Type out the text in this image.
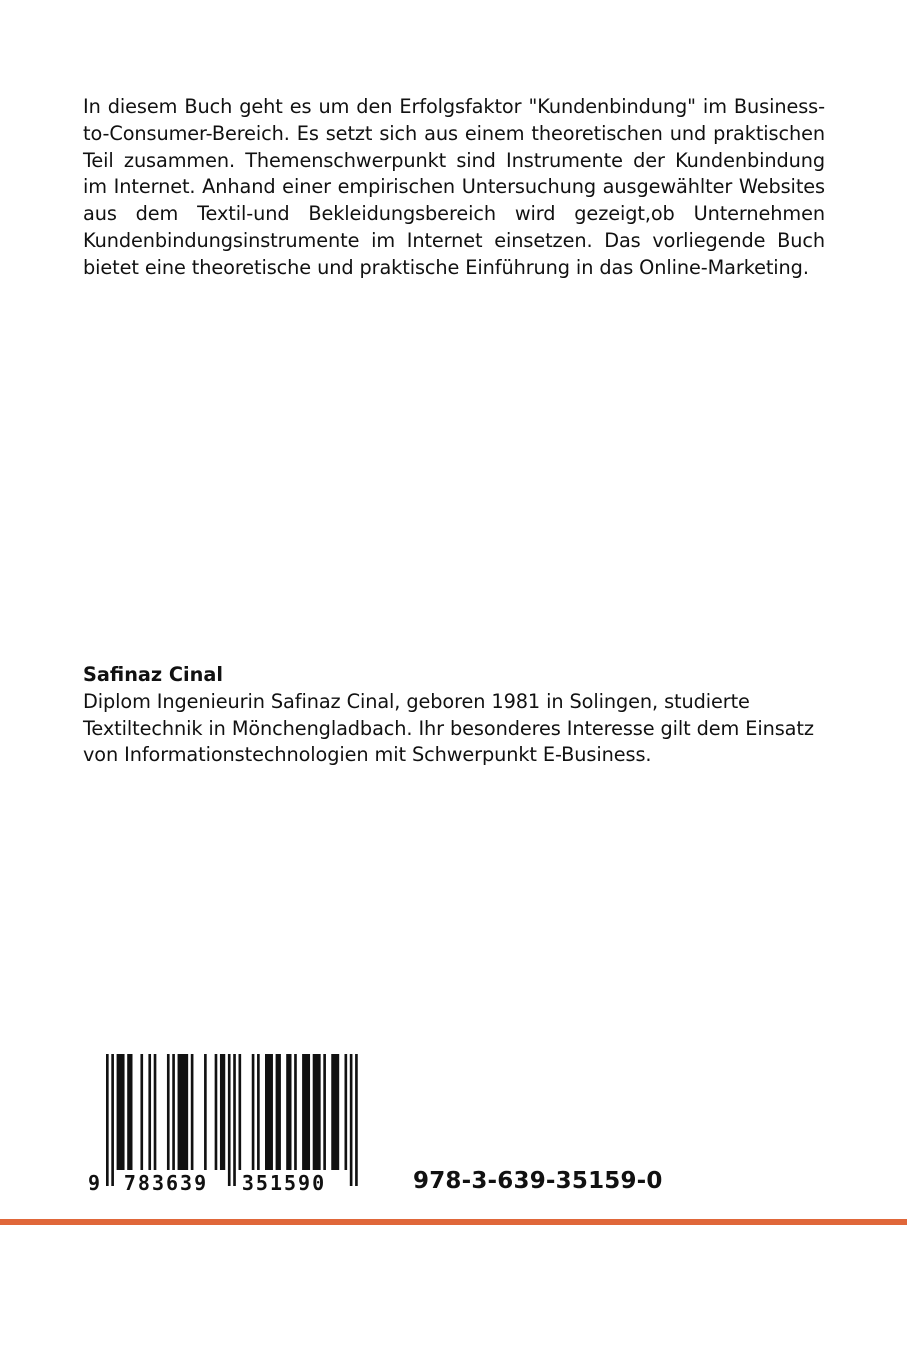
In diesem Buch geht es um den Erfolgsfaktor "Kundenbindung" im Business-to-Consumer-Bereich. Es setzt sich aus einem theoretischen und praktischen Teil zusammen. Themenschwerpunkt sind Instrumente der Kundenbindung im Internet. Anhand einer empirischen Untersuchung ausgewählter Websites aus dem Textil-und Bekleidungsbereich wird gezeigt,ob Unternehmen Kundenbindungsinstrumente im Internet einsetzen. Das vorliegende Buch bietet eine theoretische und praktische Einführung in das Online-Marketing.

Safinaz Cinal

Diplom Ingenieurin Safinaz Cinal, geboren 1981 in Solingen, studierte Textiltechnik in Mönchengladbach. Ihr besonderes Interesse gilt dem Einsatz von Informationstechnologien mit Schwerpunkt E-Business.

9 783639 351590	978-3-639-35159-0
